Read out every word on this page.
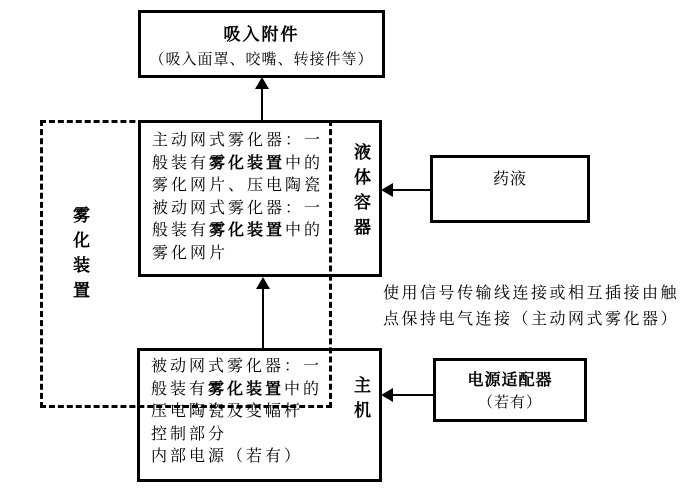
吸入附件
（吸入面罩、咬嘴、转接件等）
主动网式雾化器：一
般装有雾化装置中的
雾化网片、压电陶瓷
被动网式雾化器：一
般装有雾化装置中的
雾化网片
液体容器
被动网式雾化器：一
般装有雾化装置中的
压电陶瓷及变幅杆
控制部分
内部电源（若有）
主机
雾化装置
药液
电源适配器
（若有）
使用信号传输线连接或相互插接由触
点保持电气连接（主动网式雾化器）
